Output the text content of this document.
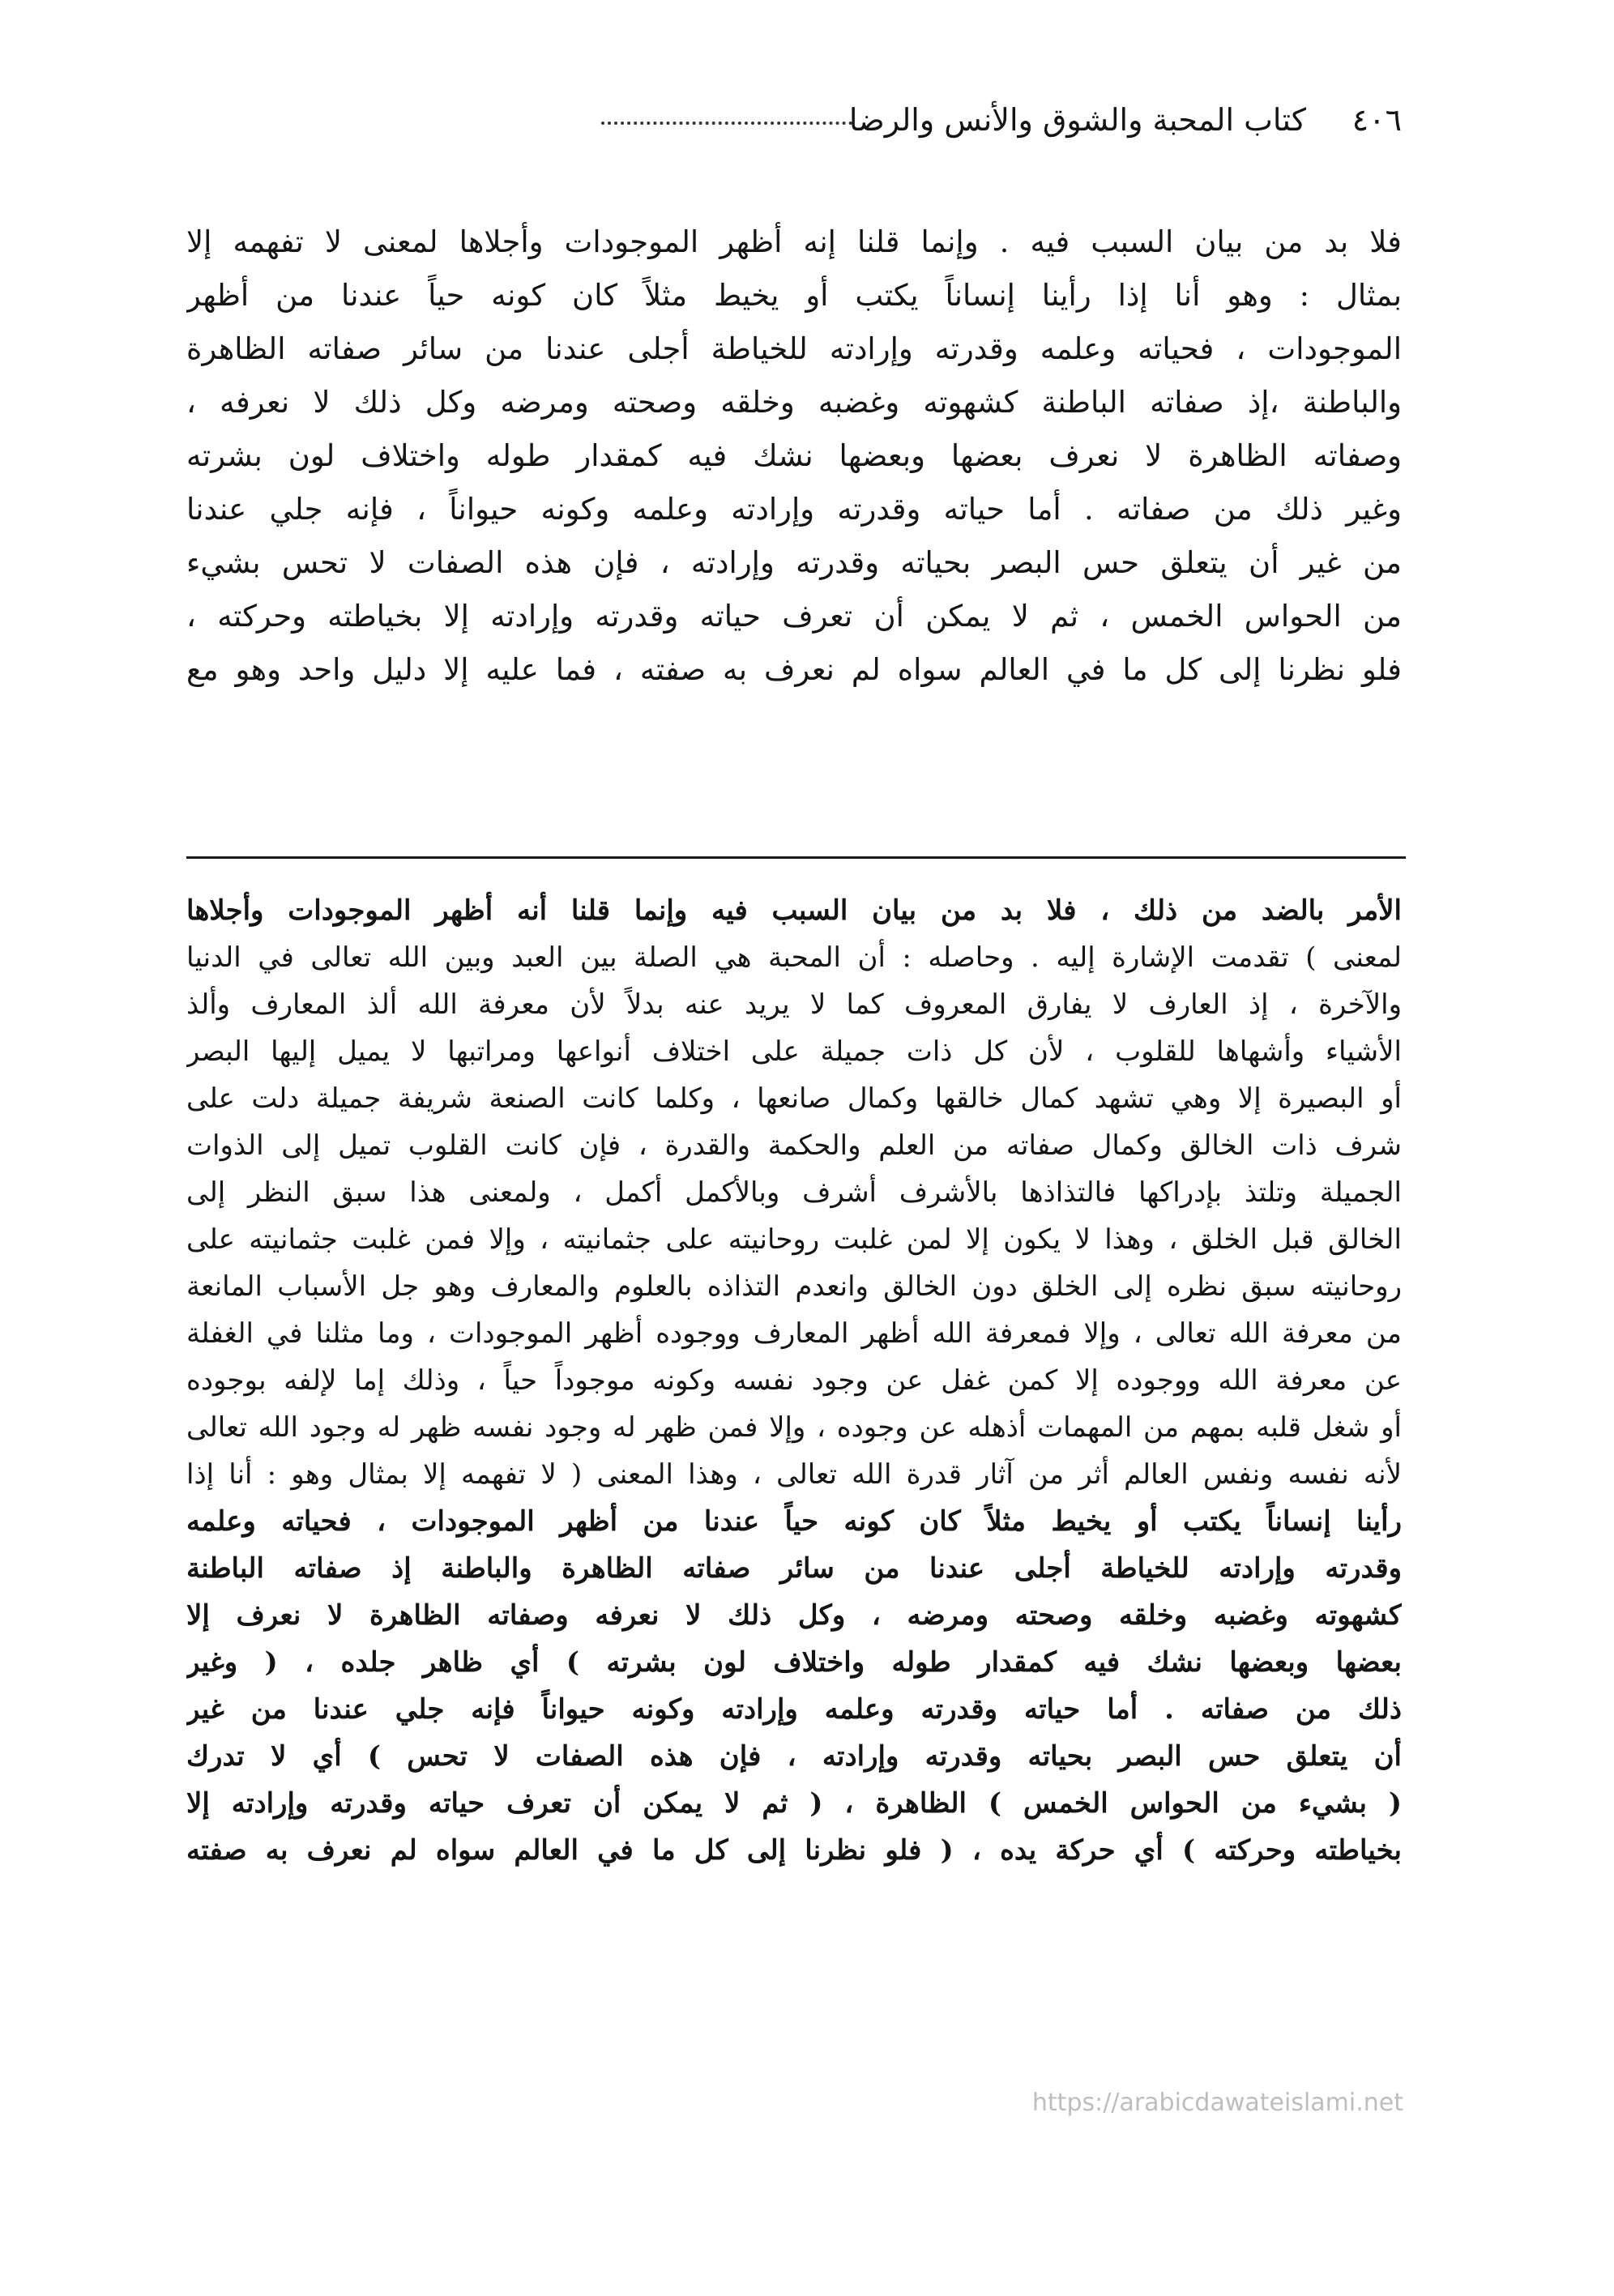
٤٠٦
كتاب المحبة والشوق والأنس والرضا
فلا بد من بيان السبب فيه . وإنما قلنا إنه أظهر الموجودات وأجلاها لمعنى لا تفهمه إلا
بمثال : وهو أنا إذا رأينا إنساناً يكتب أو يخيط مثلاً كان كونه حياً عندنا من أظهر
الموجودات ، فحياته وعلمه وقدرته وإرادته للخياطة أجلى عندنا من سائر صفاته الظاهرة
والباطنة ،إذ صفاته الباطنة كشهوته وغضبه وخلقه وصحته ومرضه وكل ذلك لا نعرفه ،
وصفاته الظاهرة لا نعرف بعضها وبعضها نشك فيه كمقدار طوله واختلاف لون بشرته
وغير ذلك من صفاته . أما حياته وقدرته وإرادته وعلمه وكونه حيواناً ، فإنه جلي عندنا
من غير أن يتعلق حس البصر بحياته وقدرته وإرادته ، فإن هذه الصفات لا تحس بشيء
من الحواس الخمس ، ثم لا يمكن أن تعرف حياته وقدرته وإرادته إلا بخياطته وحركته ،
فلو نظرنا إلى كل ما في العالم سواه لم نعرف به صفته ، فما عليه إلا دليل واحد وهو مع
الأمر بالضد من ذلك ، فلا بد من بيان السبب فيه وإنما قلنا أنه أظهر الموجودات وأجلاها
لمعنى ) تقدمت الإشارة إليه . وحاصله : أن المحبة هي الصلة بين العبد وبين الله تعالى في الدنيا
والآخرة ، إذ العارف لا يفارق المعروف كما لا يريد عنه بدلاً لأن معرفة الله ألذ المعارف وألذ
الأشياء وأشهاها للقلوب ، لأن كل ذات جميلة على اختلاف أنواعها ومراتبها لا يميل إليها البصر
أو البصيرة إلا وهي تشهد كمال خالقها وكمال صانعها ، وكلما كانت الصنعة شريفة جميلة دلت على
شرف ذات الخالق وكمال صفاته من العلم والحكمة والقدرة ، فإن كانت القلوب تميل إلى الذوات
الجميلة وتلتذ بإدراكها فالتذاذها بالأشرف أشرف وبالأكمل أكمل ، ولمعنى هذا سبق النظر إلى
الخالق قبل الخلق ، وهذا لا يكون إلا لمن غلبت روحانيته على جثمانيته ، وإلا فمن غلبت جثمانيته على
روحانيته سبق نظره إلى الخلق دون الخالق وانعدم التذاذه بالعلوم والمعارف وهو جل الأسباب المانعة
من معرفة الله تعالى ، وإلا فمعرفة الله أظهر المعارف ووجوده أظهر الموجودات ، وما مثلنا في الغفلة
عن معرفة الله ووجوده إلا كمن غفل عن وجود نفسه وكونه موجوداً حياً ، وذلك إما لإلفه بوجوده
أو شغل قلبه بمهم من المهمات أذهله عن وجوده ، وإلا فمن ظهر له وجود نفسه ظهر له وجود الله تعالى
لأنه نفسه ونفس العالم أثر من آثار قدرة الله تعالى ، وهذا المعنى ( لا تفهمه إلا بمثال وهو : أنا إذا
رأينا إنساناً يكتب أو يخيط مثلاً كان كونه حياً عندنا من أظهر الموجودات ، فحياته وعلمه
وقدرته وإرادته للخياطة أجلى عندنا من سائر صفاته الظاهرة والباطنة إذ صفاته الباطنة
كشهوته وغضبه وخلقه وصحته ومرضه ، وكل ذلك لا نعرفه وصفاته الظاهرة لا نعرف إلا
بعضها وبعضها نشك فيه كمقدار طوله واختلاف لون بشرته ) أي ظاهر جلده ، ( وغير
ذلك من صفاته . أما حياته وقدرته وعلمه وإرادته وكونه حيواناً فإنه جلي عندنا من غير
أن يتعلق حس البصر بحياته وقدرته وإرادته ، فإن هذه الصفات لا تحس ) أي لا تدرك
( بشيء من الحواس الخمس ) الظاهرة ، ( ثم لا يمكن أن تعرف حياته وقدرته وإرادته إلا
بخياطته وحركته ) أي حركة يده ، ( فلو نظرنا إلى كل ما في العالم سواه لم نعرف به صفته
https://arabicdawateislami.net
